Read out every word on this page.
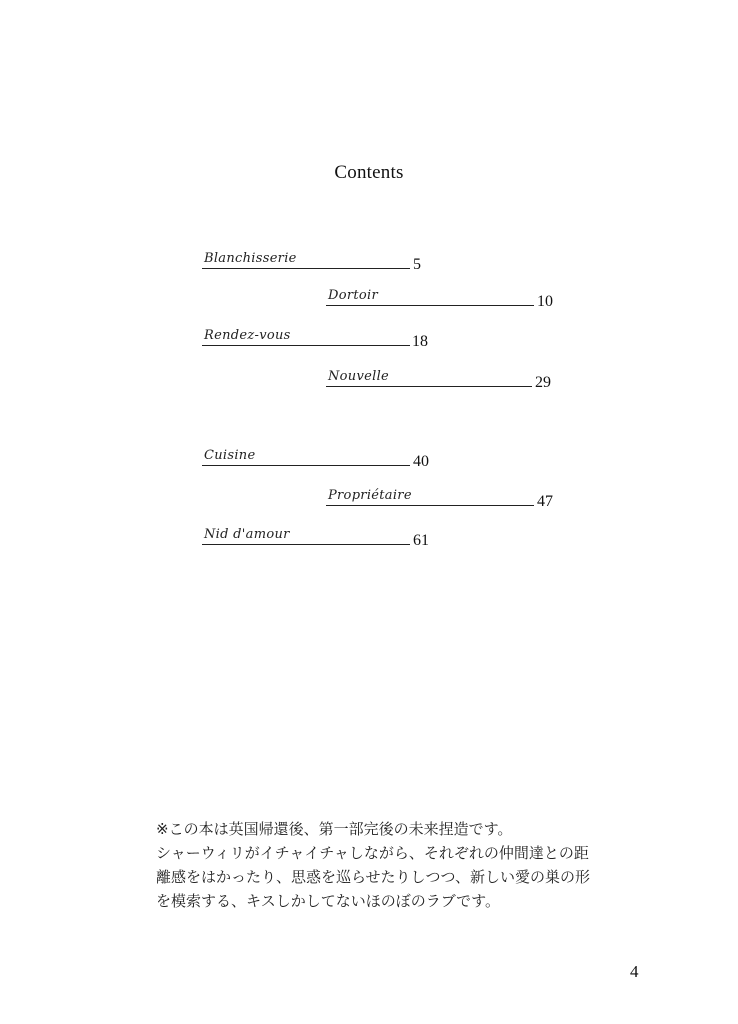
Contents
Blanchisserie	5
Dortoir	10
Rendez-vous	18
Nouvelle	29
Cuisine	40
Propriétaire	47
Nid d'amour	61
※この本は英国帰還後、第一部完後の未来捏造です。
シャーウィリがイチャイチャしながら、それぞれの仲間達との距
離感をはかったり、思惑を巡らせたりしつつ、新しい愛の巣の形
を模索する、キスしかしてないほのぼのラブです。
4
